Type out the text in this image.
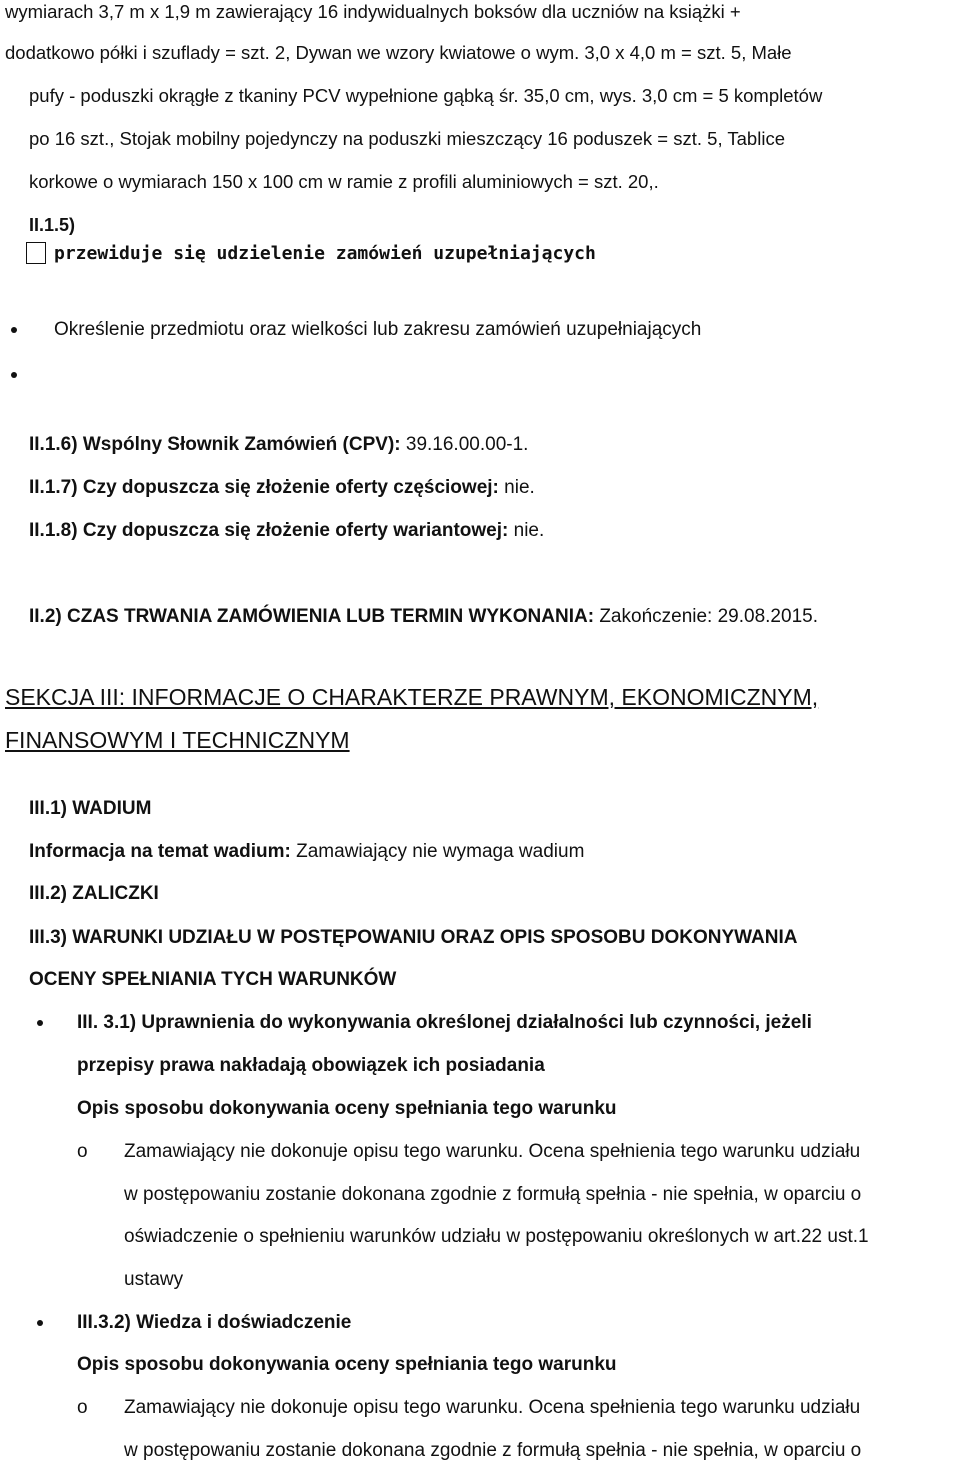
wymiarach 3,7 m x 1,9 m zawierający 16 indywidualnych boksów dla uczniów na książki +
dodatkowo półki i szuflady = szt. 2, Dywan we wzory kwiatowe o wym. 3,0 x 4,0 m = szt. 5, Małe
pufy - poduszki okrągłe z tkaniny PCV wypełnione gąbką śr. 35,0 cm, wys. 3,0 cm = 5 kompletów
po 16 szt., Stojak mobilny pojedynczy na poduszki mieszczący 16 poduszek = szt. 5, Tablice
korkowe o wymiarach 150 x 100 cm w ramie z profili aluminiowych = szt. 20,.
II.1.5)
przewiduje się udzielenie zamówień uzupełniających
Określenie przedmiotu oraz wielkości lub zakresu zamówień uzupełniających
II.1.6) Wspólny Słownik Zamówień (CPV): 39.16.00.00-1.
II.1.7) Czy dopuszcza się złożenie oferty częściowej: nie.
II.1.8) Czy dopuszcza się złożenie oferty wariantowej: nie.
II.2) CZAS TRWANIA ZAMÓWIENIA LUB TERMIN WYKONANIA: Zakończenie: 29.08.2015.
SEKCJA III: INFORMACJE O CHARAKTERZE PRAWNYM, EKONOMICZNYM,
FINANSOWYM I TECHNICZNYM
III.1) WADIUM
Informacja na temat wadium: Zamawiający nie wymaga wadium
III.2) ZALICZKI
III.3) WARUNKI UDZIAŁU W POSTĘPOWANIU ORAZ OPIS SPOSOBU DOKONYWANIA
OCENY SPEŁNIANIA TYCH WARUNKÓW
III. 3.1) Uprawnienia do wykonywania określonej działalności lub czynności, jeżeli
przepisy prawa nakładają obowiązek ich posiadania
Opis sposobu dokonywania oceny spełniania tego warunku
o Zamawiający nie dokonuje opisu tego warunku. Ocena spełnienia tego warunku udziału
w postępowaniu zostanie dokonana zgodnie z formułą spełnia - nie spełnia, w oparciu o
oświadczenie o spełnieniu warunków udziału w postępowaniu określonych w art.22 ust.1
ustawy
III.3.2) Wiedza i doświadczenie
Opis sposobu dokonywania oceny spełniania tego warunku
o Zamawiający nie dokonuje opisu tego warunku. Ocena spełnienia tego warunku udziału
w postępowaniu zostanie dokonana zgodnie z formułą spełnia - nie spełnia, w oparciu o
